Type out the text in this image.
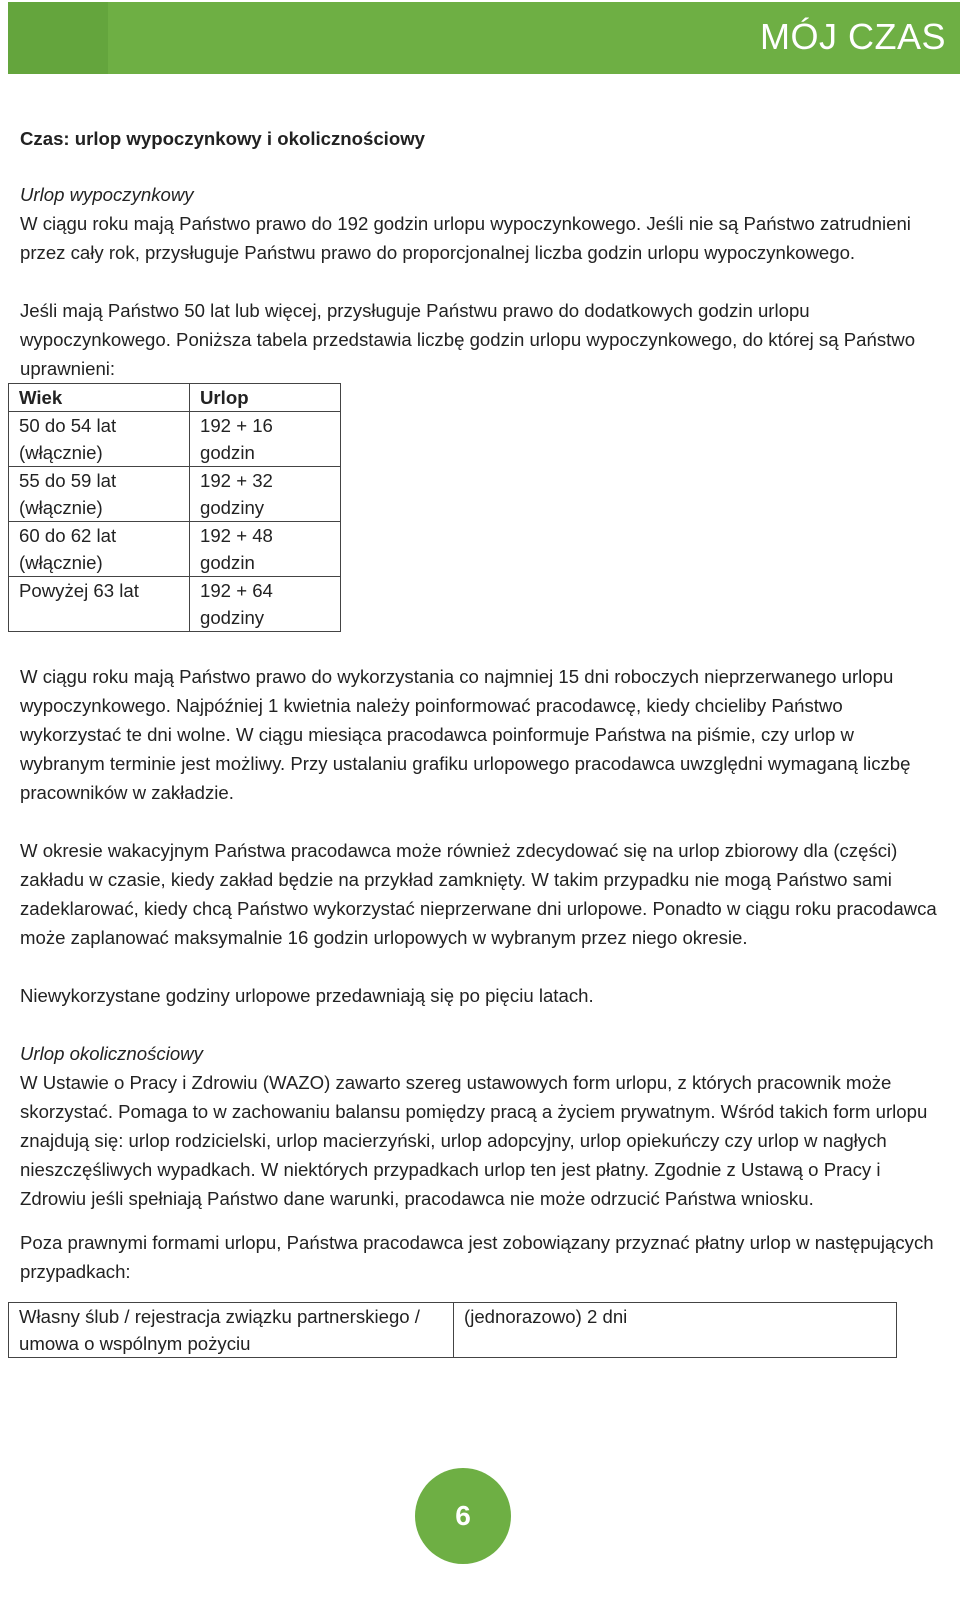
MÓJ CZAS

Czas: urlop wypoczynkowy i okolicznościowy

Urlop wypoczynkowy

W ciągu roku mają Państwo prawo do 192 godzin urlopu wypoczynkowego. Jeśli nie są Państwo zatrudnieni przez cały rok, przysługuje Państwu prawo do proporcjonalnej liczba godzin urlopu wypoczynkowego.

Jeśli mają Państwo 50 lat lub więcej, przysługuje Państwu prawo do dodatkowych godzin urlopu wypoczynkowego. Poniższa tabela przedstawia liczbę godzin urlopu wypoczynkowego, do której są Państwo uprawnieni:

Wiek	Urlop
50 do 54 lat (włącznie)	192 + 16 godzin
55 do 59 lat (włącznie)	192 + 32 godziny
60 do 62 lat (włącznie)	192 + 48 godzin
Powyżej 63 lat	192 + 64 godziny

W ciągu roku mają Państwo prawo do wykorzystania co najmniej 15 dni roboczych nieprzerwanego urlopu wypoczynkowego. Najpóźniej 1 kwietnia należy poinformować pracodawcę, kiedy chcieliby Państwo wykorzystać te dni wolne. W ciągu miesiąca pracodawca poinformuje Państwa na piśmie, czy urlop w wybranym terminie jest możliwy. Przy ustalaniu grafiku urlopowego pracodawca uwzględni wymaganą liczbę pracowników w zakładzie.

W okresie wakacyjnym Państwa pracodawca może również zdecydować się na urlop zbiorowy dla (części) zakładu w czasie, kiedy zakład będzie na przykład zamknięty. W takim przypadku nie mogą Państwo sami zadeklarować, kiedy chcą Państwo wykorzystać nieprzerwane dni urlopowe. Ponadto w ciągu roku pracodawca może zaplanować maksymalnie 16 godzin urlopowych w wybranym przez niego okresie.

Niewykorzystane godziny urlopowe przedawniają się po pięciu latach.

Urlop okolicznościowy

W Ustawie o Pracy i Zdrowiu (WAZO) zawarto szereg ustawowych form urlopu, z których pracownik może skorzystać. Pomaga to w zachowaniu balansu pomiędzy pracą a życiem prywatnym. Wśród takich form urlopu znajdują się: urlop rodzicielski, urlop macierzyński, urlop adopcyjny, urlop opiekuńczy czy urlop w nagłych nieszczęśliwych wypadkach. W niektórych przypadkach urlop ten jest płatny. Zgodnie z Ustawą o Pracy i Zdrowiu jeśli spełniają Państwo dane warunki, pracodawca nie może odrzucić Państwa wniosku.

Poza prawnymi formami urlopu, Państwa pracodawca jest zobowiązany przyznać płatny urlop w następujących przypadkach:

Własny ślub / rejestracja związku partnerskiego / umowa o wspólnym pożyciu	(jednorazowo) 2 dni
6
